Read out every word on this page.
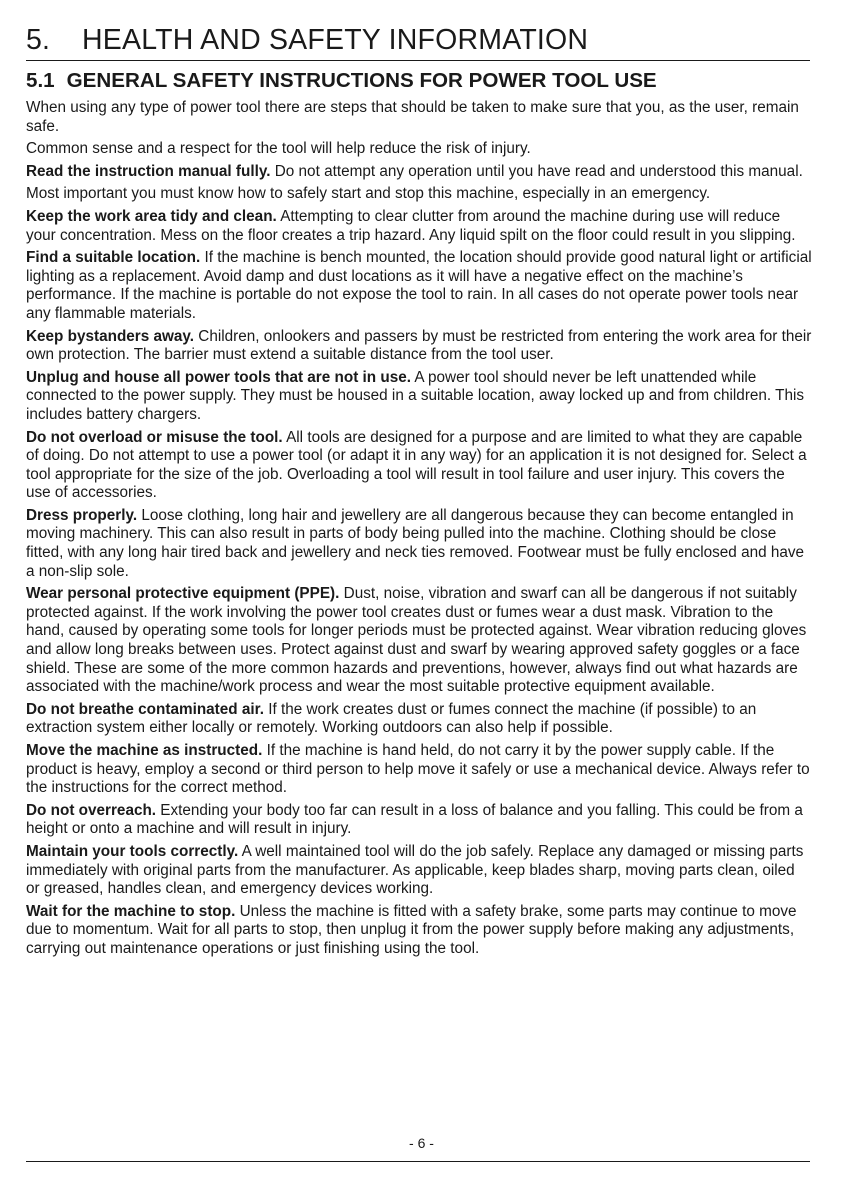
5. HEALTH AND SAFETY INFORMATION
5.1 GENERAL SAFETY INSTRUCTIONS FOR POWER TOOL USE

When using any type of power tool there are steps that should be taken to make sure that you, as the user, remain safe.

Common sense and a respect for the tool will help reduce the risk of injury.

Read the instruction manual fully. Do not attempt any operation until you have read and understood this manual.

Most important you must know how to safely start and stop this machine, especially in an emergency.

Keep the work area tidy and clean. Attempting to clear clutter from around the machine during use will reduce your concentration. Mess on the floor creates a trip hazard. Any liquid spilt on the floor could result in you slipping.

Find a suitable location. If the machine is bench mounted, the location should provide good natural light or artificial lighting as a replacement. Avoid damp and dust locations as it will have a negative effect on the machine’s performance. If the machine is portable do not expose the tool to rain. In all cases do not operate power tools near any flammable materials.

Keep bystanders away. Children, onlookers and passers by must be restricted from entering the work area for their own protection. The barrier must extend a suitable distance from the tool user.

Unplug and house all power tools that are not in use. A power tool should never be left unattended while connected to the power supply. They must be housed in a suitable location, away locked up and from children. This includes battery chargers.

Do not overload or misuse the tool. All tools are designed for a purpose and are limited to what they are capable of doing. Do not attempt to use a power tool (or adapt it in any way) for an application it is not designed for. Select a tool appropriate for the size of the job. Overloading a tool will result in tool failure and user injury. This covers the use of accessories.

Dress properly. Loose clothing, long hair and jewellery are all dangerous because they can become entangled in moving machinery. This can also result in parts of body being pulled into the machine. Clothing should be close fitted, with any long hair tired back and jewellery and neck ties removed. Footwear must be fully enclosed and have a non-slip sole.

Wear personal protective equipment (PPE). Dust, noise, vibration and swarf can all be dangerous if not suitably protected against. If the work involving the power tool creates dust or fumes wear a dust mask. Vibration to the hand, caused by operating some tools for longer periods must be protected against. Wear vibration reducing gloves and allow long breaks between uses. Protect against dust and swarf by wearing approved safety goggles or a face shield. These are some of the more common hazards and preventions, however, always find out what hazards are associated with the machine/work process and wear the most suitable protective equipment available.

Do not breathe contaminated air. If the work creates dust or fumes connect the machine (if possible) to an extraction system either locally or remotely. Working outdoors can also help if possible.

Move the machine as instructed. If the machine is hand held, do not carry it by the power supply cable. If the product is heavy, employ a second or third person to help move it safely or use a mechanical device. Always refer to the instructions for the correct method.

Do not overreach. Extending your body too far can result in a loss of balance and you falling. This could be from a height or onto a machine and will result in injury.

Maintain your tools correctly. A well maintained tool will do the job safely. Replace any damaged or missing parts immediately with original parts from the manufacturer. As applicable, keep blades sharp, moving parts clean, oiled or greased, handles clean, and emergency devices working.

Wait for the machine to stop. Unless the machine is fitted with a safety brake, some parts may continue to move due to momentum. Wait for all parts to stop, then unplug it from the power supply before making any adjustments, carrying out maintenance operations or just finishing using the tool.

- 6 -
